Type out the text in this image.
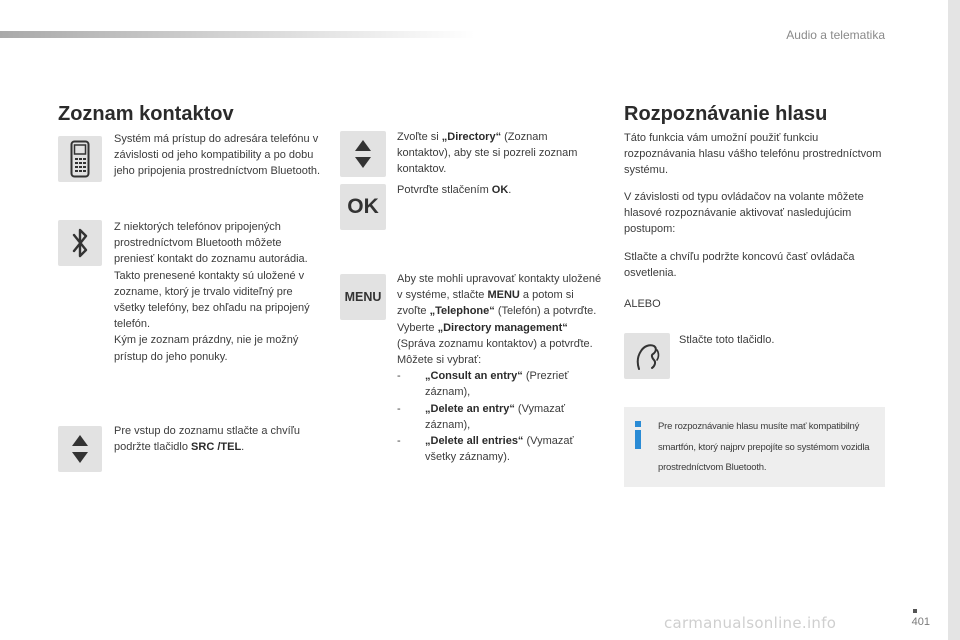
Audio a telematika
Zoznam kontaktov
Systém má prístup do adresára telefónu v závislosti od jeho kompatibility a po dobu jeho pripojenia prostredníctvom Bluetooth.
Z niektorých telefónov pripojených prostredníctvom Bluetooth môžete preniesť kontakt do zoznamu autorádia.
Takto prenesené kontakty sú uložené v zozname, ktorý je trvalo viditeľný pre všetky telefóny, bez ohľadu na pripojený telefón.
Kým je zoznam prázdny, nie je možný prístup do jeho ponuky.
Pre vstup do zoznamu stlačte a chvíľu podržte tlačidlo SRC /TEL.
Zvoľte si „Directory“ (Zoznam kontaktov), aby ste si pozreli zoznam kontaktov.
OK
Potvrďte stlačením OK.
MENU
Aby ste mohli upravovať kontakty uložené v systéme, stlačte MENU a potom si zvoľte „Telephone“ (Telefón) a potvrďte.
Vyberte „Directory management“ (Správa zoznamu kontaktov) a potvrďte.
Môžete si vybrať:
- „Consult an entry“ (Prezrieť záznam),
- „Delete an entry“ (Vymazať záznam),
- „Delete all entries“ (Vymazať všetky záznamy).
Rozpoznávanie hlasu
Táto funkcia vám umožní použiť funkciu rozpoznávania hlasu vášho telefónu prostredníctvom systému.
V závislosti od typu ovládačov na volante môžete hlasové rozpoznávanie aktivovať nasledujúcim postupom:
Stlačte a chvíľu podržte koncovú časť ovládača osvetlenia.
ALEBO
Stlačte toto tlačidlo.
Pre rozpoznávanie hlasu musíte mať kompatibilný smartfón, ktorý najprv prepojíte so systémom vozidla prostredníctvom Bluetooth.
401
carmanualsonline.info
